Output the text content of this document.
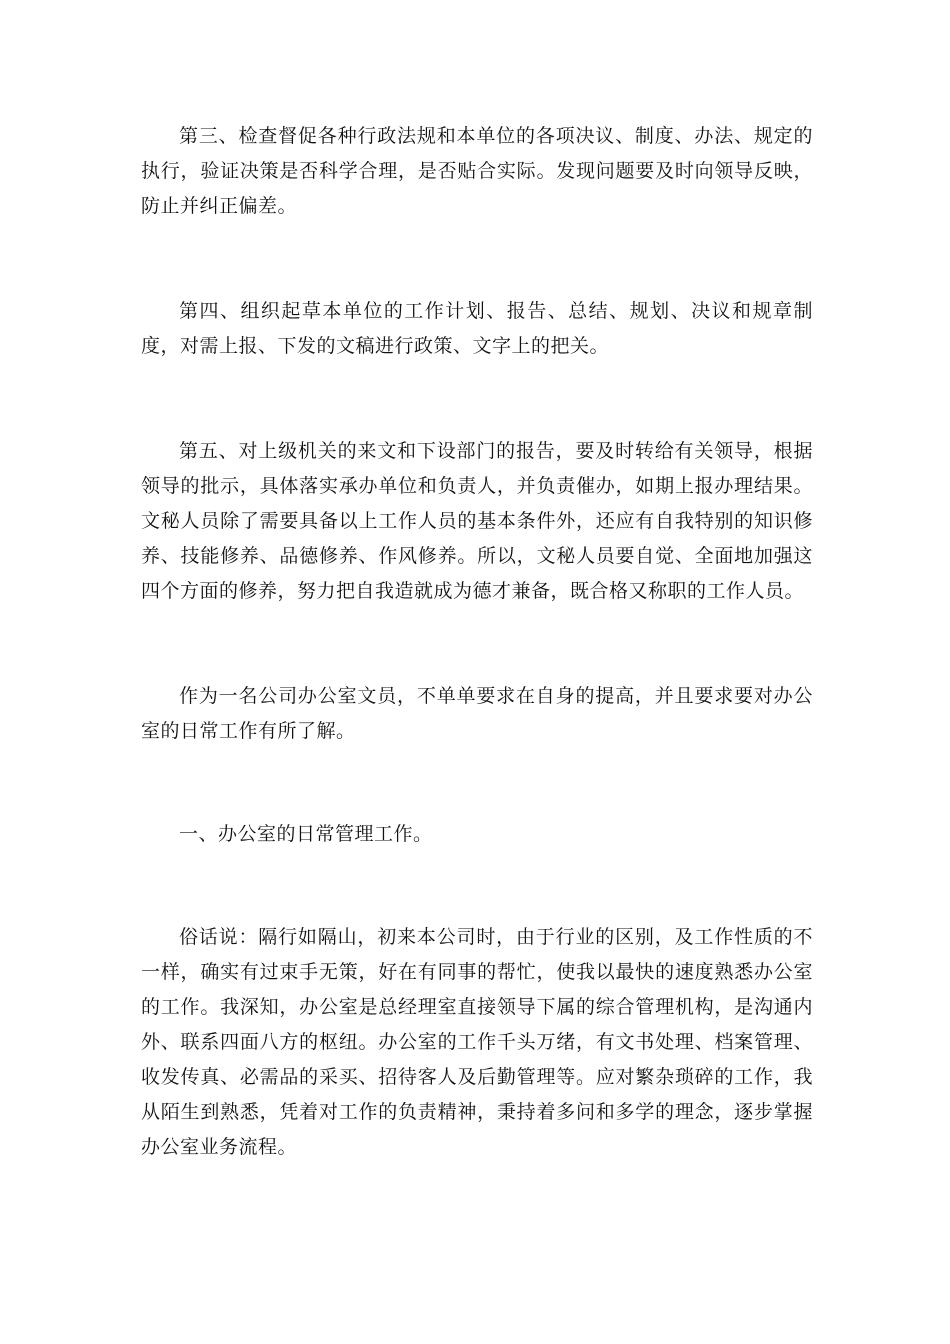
第三、检查督促各种行政法规和本单位的各项决议、制度、办法、规定的执行，验证决策是否科学合理，是否贴合实际。发现问题要及时向领导反映，防止并纠正偏差。

第四、组织起草本单位的工作计划、报告、总结、规划、决议和规章制度，对需上报、下发的文稿进行政策、文字上的把关。

第五、对上级机关的来文和下设部门的报告，要及时转给有关领导，根据领导的批示，具体落实承办单位和负责人，并负责催办，如期上报办理结果。文秘人员除了需要具备以上工作人员的基本条件外，还应有自我特别的知识修养、技能修养、品德修养、作风修养。所以，文秘人员要自觉、全面地加强这四个方面的修养，努力把自我造就成为德才兼备，既合格又称职的工作人员。

作为一名公司办公室文员，不单单要求在自身的提高，并且要求要对办公室的日常工作有所了解。

一、办公室的日常管理工作。

俗话说：隔行如隔山，初来本公司时，由于行业的区别，及工作性质的不一样，确实有过束手无策，好在有同事的帮忙，使我以最快的速度熟悉办公室的工作。我深知，办公室是总经理室直接领导下属的综合管理机构，是沟通内外、联系四面八方的枢纽。办公室的工作千头万绪，有文书处理、档案管理、收发传真、必需品的采买、招待客人及后勤管理等。应对繁杂琐碎的工作，我从陌生到熟悉，凭着对工作的负责精神，秉持着多问和多学的理念，逐步掌握办公室业务流程。
